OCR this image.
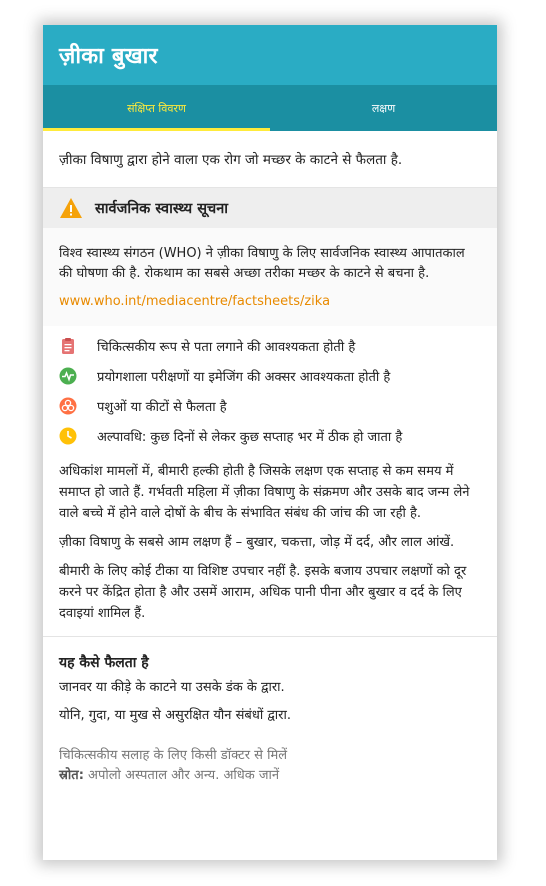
ज़ीका बुखार
संक्षिप्त विवरण	लक्षण
ज़ीका विषाणु द्वारा होने वाला एक रोग जो मच्छर के काटने से फैलता है.
सार्वजनिक स्वास्थ्य सूचना
विश्व स्वास्थ्य संगठन (WHO) ने ज़ीका विषाणु के लिए सार्वजनिक स्वास्थ्य आपातकाल की घोषणा की है. रोकथाम का सबसे अच्छा तरीका मच्छर के काटने से बचना है.
www.who.int/mediacentre/factsheets/zika
चिकित्सकीय रूप से पता लगाने की आवश्यकता होती है
प्रयोगशाला परीक्षणों या इमेजिंग की अक्सर आवश्यकता होती है
पशुओं या कीटों से फैलता है
अल्पावधि: कुछ दिनों से लेकर कुछ सप्ताह भर में ठीक हो जाता है

अधिकांश मामलों में, बीमारी हल्की होती है जिसके लक्षण एक सप्ताह से कम समय में समाप्त हो जाते हैं. गर्भवती महिला में ज़ीका विषाणु के संक्रमण और उसके बाद जन्म लेने वाले बच्चे में होने वाले दोषों के बीच के संभावित संबंध की जांच की जा रही है.

ज़ीका विषाणु के सबसे आम लक्षण हैं – बुखार, चकत्ता, जोड़ में दर्द, और लाल आंखें.

बीमारी के लिए कोई टीका या विशिष्ट उपचार नहीं है. इसके बजाय उपचार लक्षणों को दूर करने पर केंद्रित होता है और उसमें आराम, अधिक पानी पीना और बुखार व दर्द के लिए दवाइयां शामिल हैं.

यह कैसे फैलता है

जानवर या कीड़े के काटने या उसके डंक के द्वारा.

योनि, गुदा, या मुख से असुरक्षित यौन संबंधों द्वारा.

चिकित्सकीय सलाह के लिए किसी डॉक्टर से मिलें
स्रोत: अपोलो अस्पताल और अन्य. अधिक जानें
